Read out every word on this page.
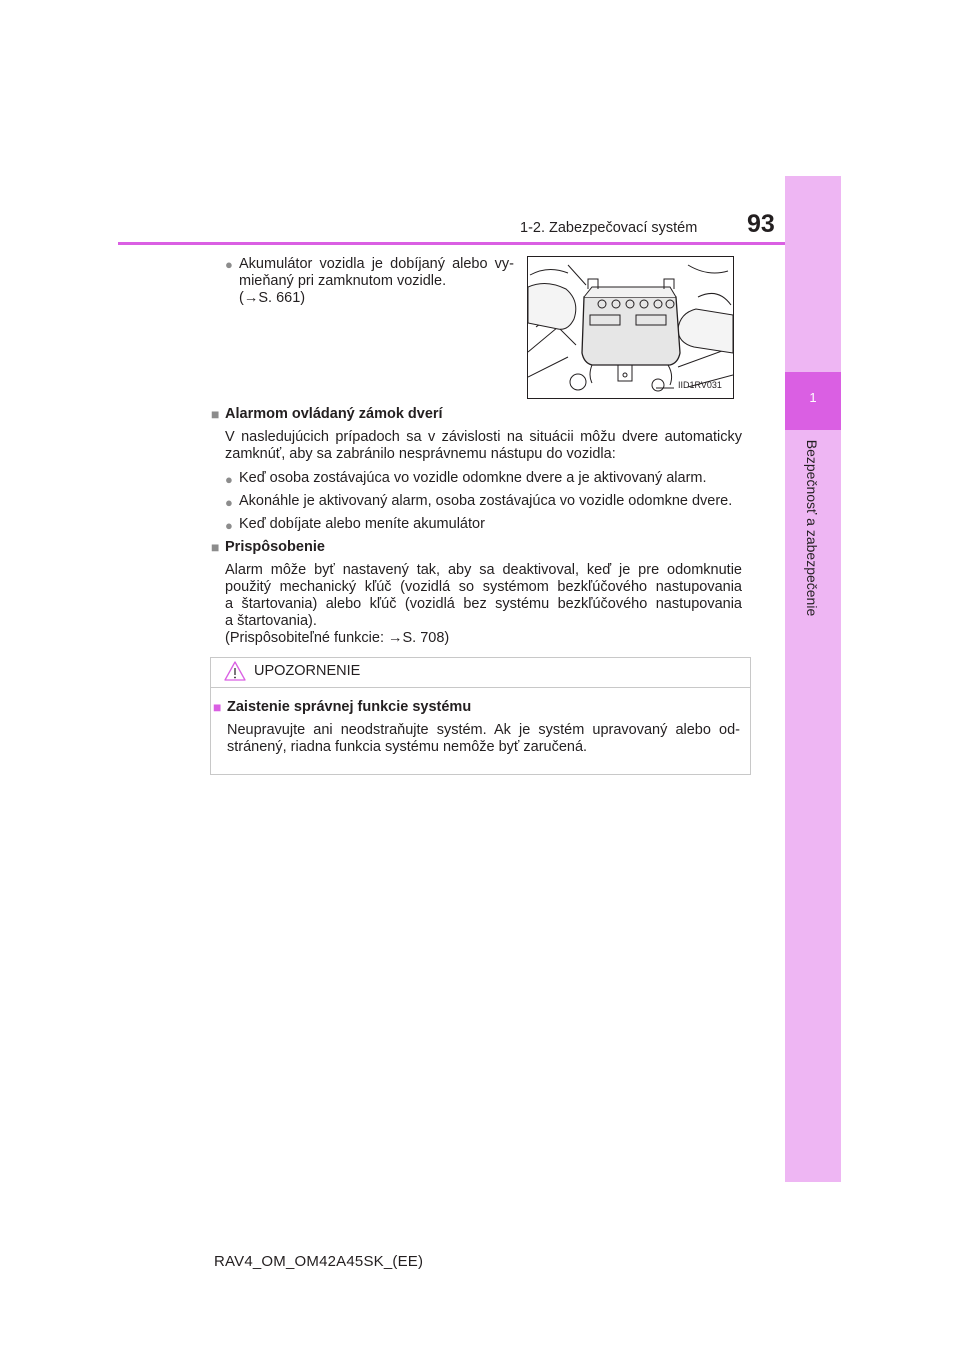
1
Bezpečnosť a zabezpečenie
1-2. Zabezpečovací systém 93
● Akumulátor vozidla je dobíjaný alebo vy-
mieňaný pri zamknutom vozidle.
(→S. 661)
IID1RV031
■ Alarmom ovládaný zámok dverí
V nasledujúcich prípadoch sa v závislosti na situácii môžu dvere automaticky
zamknúť, aby sa zabránilo nesprávnemu nástupu do vozidla:
● Keď osoba zostávajúca vo vozidle odomkne dvere a je aktivovaný alarm.
● Akonáhle je aktivovaný alarm, osoba zostávajúca vo vozidle odomkne dvere.
● Keď dobíjate alebo meníte akumulátor
■ Prispôsobenie
Alarm môže byť nastavený tak, aby sa deaktivoval, keď je pre odomknutie
použitý mechanický kľúč (vozidlá so systémom bezkľúčového nastupovania
a štartovania) alebo kľúč (vozidlá bez systému bezkľúčového nastupovania
a štartovania).
(Prispôsobiteľné funkcie: →S. 708)
UPOZORNENIE
■ Zaistenie správnej funkcie systému
Neupravujte ani neodstraňujte systém. Ak je systém upravovaný alebo od-
stránený, riadna funkcia systému nemôže byť zaručená.
RAV4_OM_OM42A45SK_(EE)
